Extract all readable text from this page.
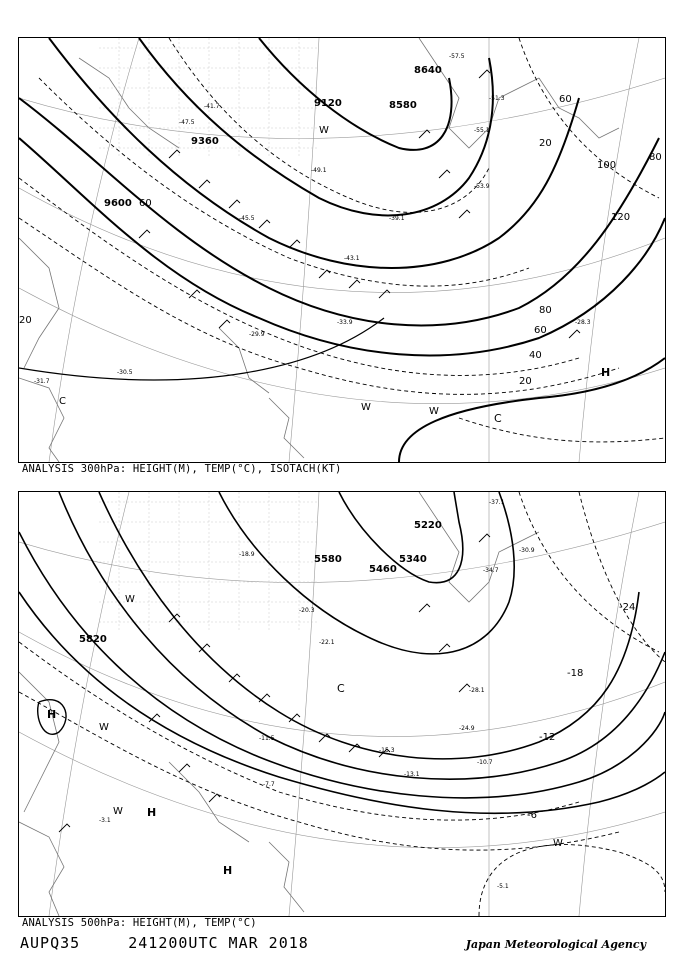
8640
8580
9120
9360
9600
20
20
40
60
80
100
120
80
20
60
60
H
C
W
W
W
C
-57.5
-55.1
-53.9
-51.3
-49.1
-47.5
-45.5
-43.1
-41.7
-39.1
-33.9
-31.7
-30.5
-29.9
-28.3
ANALYSIS 300hPa: HEIGHT(M), TEMP(°C), ISOTACH(KT)
5220
5340
5460
5580
5820
-24
-18
-12
-6
H
H
H
W
W
W
W
C
-37.1
-34.7
-30.9
-28.1
-24.9
-22.1
-20.3
-18.9
-15.3
-13.1
-11.5
-10.7
-7.7
-5.1
-3.1
ANALYSIS 500hPa: HEIGHT(M), TEMP(°C)
AUPQ35	241200UTC MAR 2018	Japan Meteorological Agency
